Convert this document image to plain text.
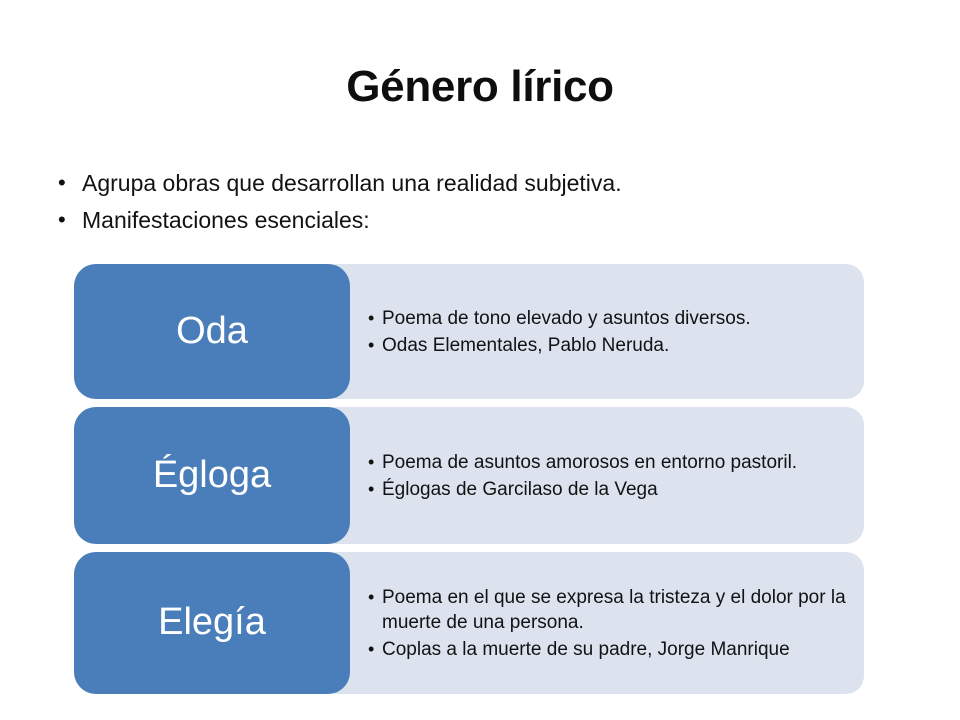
Género lírico
• Agrupa obras que desarrollan una realidad subjetiva.
• Manifestaciones esenciales:
Oda	• Poema de tono elevado y asuntos diversos.
• Odas Elementales, Pablo Neruda.
Égloga	• Poema de asuntos amorosos en entorno pastoril.
• Églogas de Garcilaso de la Vega
Elegía
• Poema en el que se expresa la tristeza y el dolor por la muerte de una persona.
• Coplas a la muerte de su padre, Jorge Manrique
